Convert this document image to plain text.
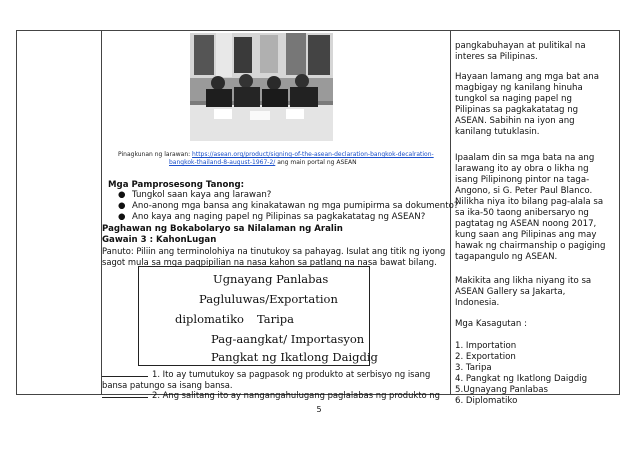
Pinagkunan ng larawan: https://asean.org/product/signing-of-the-asean-declaration-bangkok-decalration-
bangkok-thailand-8-august-1967-2/ ang main portal ng ASEAN
Mga Pamprosesong Tanong:
● Tungkol saan kaya ang larawan?
● Ano-anong mga bansa ang kinakatawan ng mga pumipirma sa dokumento?
● Ano kaya ang naging papel ng Pilipinas sa pagkakatatag ng ASEAN?
Paghawan ng Bokabolaryo sa Nilalaman ng Aralin
Gawain 3 : KahonLugan
Panuto: Piliin ang terminolohiya na tinutukoy sa pahayag. Isulat ang titik ng iyong
sagot mula sa mga pagpipilian na nasa kahon sa patlang na nasa bawat bilang.
Ugnayang Panlabas
Pagluluwas/Exportation
diplomatiko Taripa
Pag-aangkat/ Importasyon
Pangkat ng Ikatlong Daigdig
1. Ito ay tumutukoy sa pagpasok ng produkto at serbisyo ng isang
bansa patungo sa isang bansa.
2. Ang salitang ito ay nangangahulugang paglalabas ng produkto ng

pangkabuhayan at pulitikal na

interes sa Pilipinas.

Hayaan lamang ang mga bat ana

magbigay ng kanilang hinuha

tungkol sa naging papel ng

Pilipinas sa pagkakatatag ng

ASEAN. Sabihin na iyon ang

kanilang tutuklasin.

Ipaalam din sa mga bata na ang

larawang ito ay obra o likha ng

isang Pilipinong pintor na taga-

Angono, si G. Peter Paul Blanco.

Nilikha niya ito bilang pag-alala sa

sa ika-50 taong anibersaryo ng

pagtatag ng ASEAN noong 2017,

kung saan ang Pilipinas ang may

hawak ng chairmanship o pagiging

tagapangulo ng ASEAN.

Makikita ang likha niyang ito sa

ASEAN Gallery sa Jakarta,

Indonesia.

Mga Kasagutan :

1. Importation

2. Exportation

3. Taripa

4. Pangkat ng Ikatlong Daigdig

5.Ugnayang Panlabas

6. Diplomatiko

5
